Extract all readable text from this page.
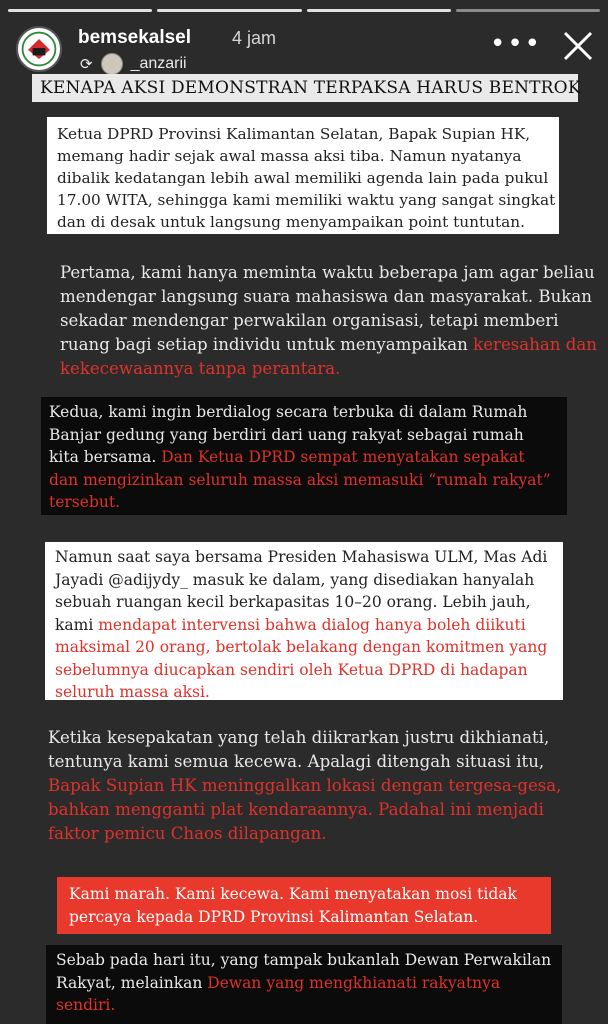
bemsekalsel 4 jam
⟳ _anzarii
•••
KENAPA AKSI DEMONSTRAN TERPAKSA HARUS BENTROK
Ketua DPRD Provinsi Kalimantan Selatan, Bapak Supian HK,
memang hadir sejak awal massa aksi tiba. Namun nyatanya
dibalik kedatangan lebih awal memiliki agenda lain pada pukul
17.00 WITA, sehingga kami memiliki waktu yang sangat singkat
dan di desak untuk langsung menyampaikan point tuntutan.
Pertama, kami hanya meminta waktu beberapa jam agar beliau
mendengar langsung suara mahasiswa dan masyarakat. Bukan
sekadar mendengar perwakilan organisasi, tetapi memberi
ruang bagi setiap individu untuk menyampaikan keresahan dan
kekecewaannya tanpa perantara.
Kedua, kami ingin berdialog secara terbuka di dalam Rumah
Banjar gedung yang berdiri dari uang rakyat sebagai rumah
kita bersama. Dan Ketua DPRD sempat menyatakan sepakat
dan mengizinkan seluruh massa aksi memasuki “rumah rakyat”
tersebut.
Namun saat saya bersama Presiden Mahasiswa ULM, Mas Adi
Jayadi @adijydy_ masuk ke dalam, yang disediakan hanyalah
sebuah ruangan kecil berkapasitas 10–20 orang. Lebih jauh,
kami mendapat intervensi bahwa dialog hanya boleh diikuti
maksimal 20 orang, bertolak belakang dengan komitmen yang
sebelumnya diucapkan sendiri oleh Ketua DPRD di hadapan
seluruh massa aksi.
Ketika kesepakatan yang telah diikrarkan justru dikhianati,
tentunya kami semua kecewa. Apalagi ditengah situasi itu,
Bapak Supian HK meninggalkan lokasi dengan tergesa-gesa,
bahkan mengganti plat kendaraannya. Padahal ini menjadi
faktor pemicu Chaos dilapangan.
Kami marah. Kami kecewa. Kami menyatakan mosi tidak
percaya kepada DPRD Provinsi Kalimantan Selatan.
Sebab pada hari itu, yang tampak bukanlah Dewan Perwakilan
Rakyat, melainkan Dewan yang mengkhianati rakyatnya
sendiri.
